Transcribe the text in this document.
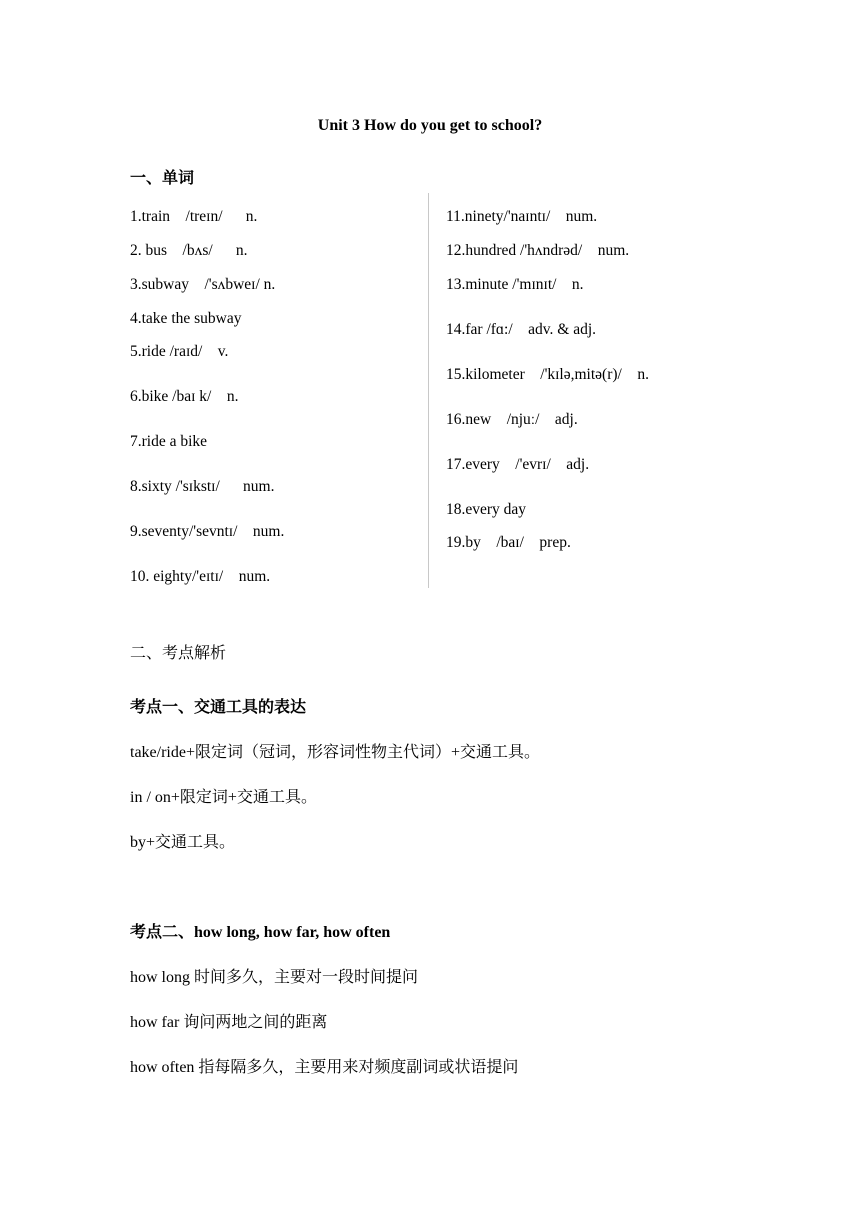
Unit 3 How do you get to school?
一、单词
1.train /treɪn/  n.
2. bus /bʌs/  n.
3.subway /'sʌbweɪ/ n.
4.take the subway
5.ride /raɪd/ v.
6.bike /baɪ k/ n.
7.ride a bike
8.sixty /'sɪkstɪ/  num.
9.seventy/'sevntɪ/ num.
10. eighty/'eɪtɪ/ num.
11.ninety/'naɪntɪ/ num.
12.hundred /'hʌndrəd/ num.
13.minute /'mɪnɪt/ n.
14.far /fɑ:/ adv. & adj.
15.kilometer /'kɪlə,mitə(r)/ n.
16.new /njuː/ adj.
17.every /'evrɪ/ adj.
18.every day
19.by /baɪ/ prep.
二、考点解析
考点一、交通工具的表达
take/ride+限定词（冠词，形容词性物主代词）+交通工具。
in / on+限定词+交通工具。
by+交通工具。
考点二、how long, how far, how often
how long 时间多久，主要对一段时间提问
how far 询问两地之间的距离
how often 指每隔多久，主要用来对频度副词或状语提问
